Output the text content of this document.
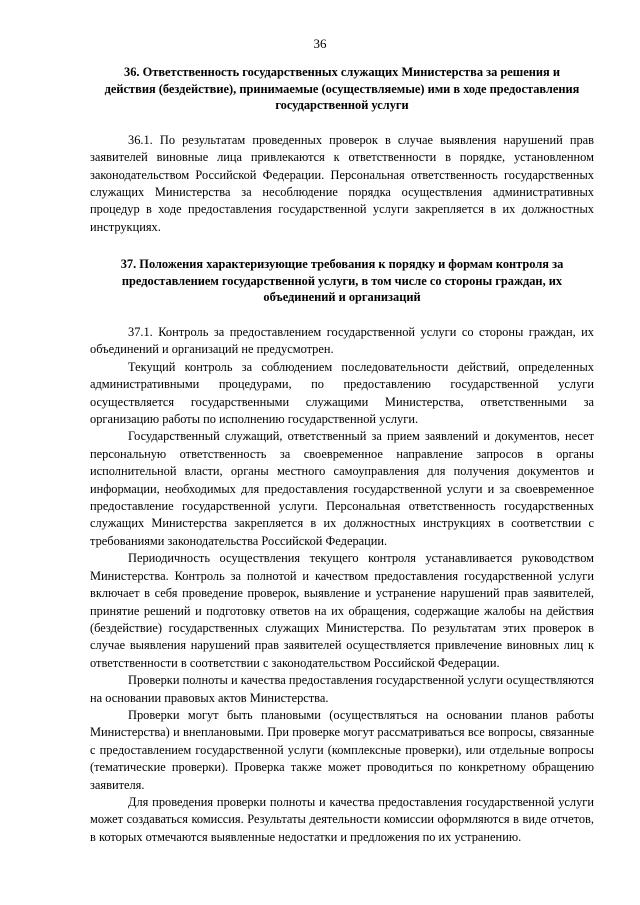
36

36. Ответственность государственных служащих Министерства за решения и действия (бездействие), принимаемые (осуществляемые) ими в ходе предоставления государственной услуги

36.1. По результатам проведенных проверок в случае выявления нарушений прав заявителей виновные лица привлекаются к ответственности в порядке, установленном законодательством Российской Федерации. Персональная ответственность государственных служащих Министерства за несоблюдение порядка осуществления административных процедур в ходе предоставления государственной услуги закрепляется в их должностных инструкциях.

37. Положения характеризующие требования к порядку и формам контроля за предоставлением государственной услуги, в том числе со стороны граждан, их объединений и организаций

37.1. Контроль за предоставлением государственной услуги со стороны граждан, их объединений и организаций не предусмотрен.

Текущий контроль за соблюдением последовательности действий, определенных административными процедурами, по предоставлению государственной услуги осуществляется государственными служащими Министерства, ответственными за организацию работы по исполнению государственной услуги.

Государственный служащий, ответственный за прием заявлений и документов, несет персональную ответственность за своевременное направление запросов в органы исполнительной власти, органы местного самоуправления для получения документов и информации, необходимых для предоставления государственной услуги и за своевременное предоставление государственной услуги. Персональная ответственность государственных служащих Министерства закрепляется в их должностных инструкциях в соответствии с требованиями законодательства Российской Федерации.

Периодичность осуществления текущего контроля устанавливается руководством Министерства. Контроль за полнотой и качеством предоставления государственной услуги включает в себя проведение проверок, выявление и устранение нарушений прав заявителей, принятие решений и подготовку ответов на их обращения, содержащие жалобы на действия (бездействие) государственных служащих Министерства. По результатам этих проверок в случае выявления нарушений прав заявителей осуществляется привлечение виновных лиц к ответственности в соответствии с законодательством Российской Федерации.

Проверки полноты и качества предоставления государственной услуги осуществляются на основании правовых актов Министерства.

Проверки могут быть плановыми (осуществляться на основании планов работы Министерства) и внеплановыми. При проверке могут рассматриваться все вопросы, связанные с предоставлением государственной услуги (комплексные проверки), или отдельные вопросы (тематические проверки). Проверка также может проводиться по конкретному обращению заявителя.

Для проведения проверки полноты и качества предоставления государственной услуги может создаваться комиссия. Результаты деятельности комиссии оформляются в виде отчетов, в которых отмечаются выявленные недостатки и предложения по их устранению.
